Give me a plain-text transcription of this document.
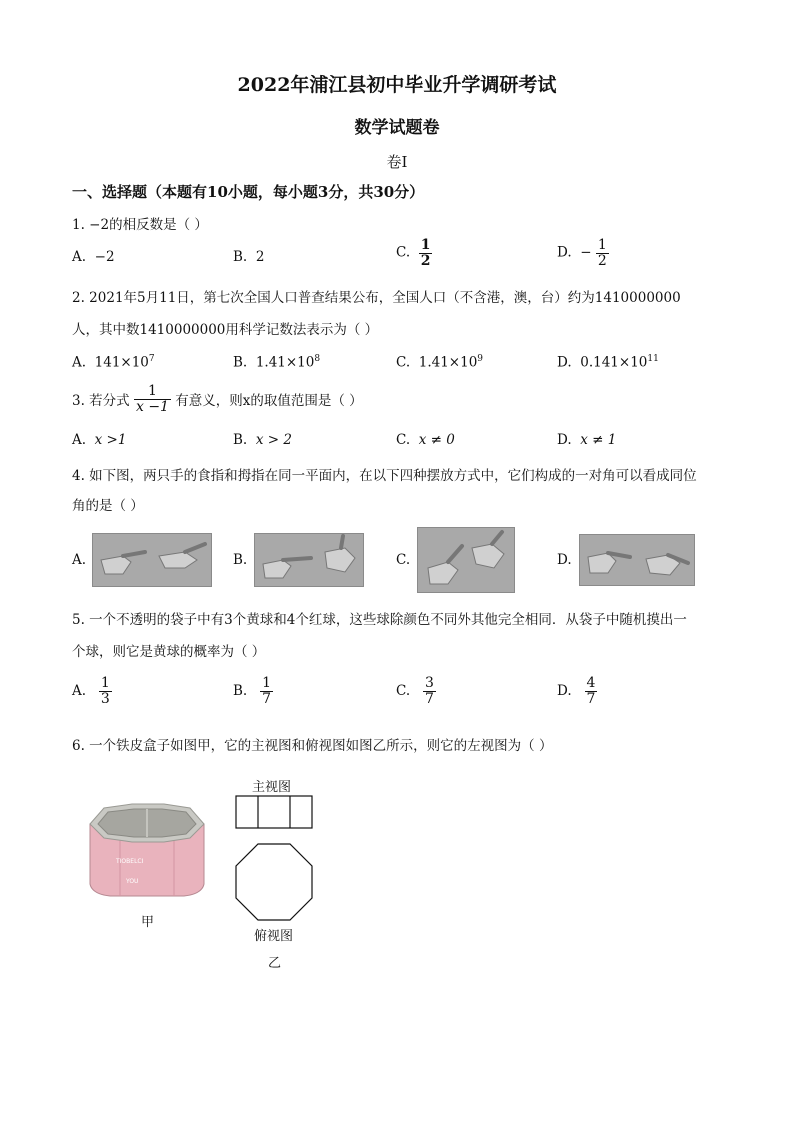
2022年浦江县初中毕业升学调研考试
数学试题卷
卷Ⅰ
一、选择题（本题有10小题，每小题3分，共30分）
1. −2的相反数是（ ）
A. −2	B. 2	C. $\frac{1}{2}$	D. − $\frac{1}{2}$
2. 2021年5月11日，第七次全国人口普查结果公布，全国人口（不含港，澳，台）约为1410000000
人，其中数1410000000用科学记数法表示为（ ）
A. $141\times 10^7$	B. $1.41\times 10^8$	C. $1.41\times 10^9$	D. $0.141\times 10^{11}$
3. 若分式 $\frac{1}{x -1}$ 有意义，则x的取值范围是（ ）
A. x >1	B. x > 2	C. x ≠ 0	D. x ≠ 1
4. 如下图，两只手的食指和拇指在同一平面内，在以下四种摆放方式中，它们构成的一对角可以看成同位
角的是（ ）
A.	B.	C.	D.
5. 一个不透明的袋子中有3个黄球和4个红球，这些球除颜色不同外其他完全相同．从袋子中随机摸出一
个球，则它是黄球的概率为（ ）
A. $\frac{1}{3}$	B. $\frac{1}{7}$	C. $\frac{3}{7}$	D. $\frac{4}{7}$
6. 一个铁皮盒子如图甲，它的主视图和俯视图如图乙所示，则它的左视图为（ ）
TIOBELCI
YOU
甲
主视图
俯视图
乙
